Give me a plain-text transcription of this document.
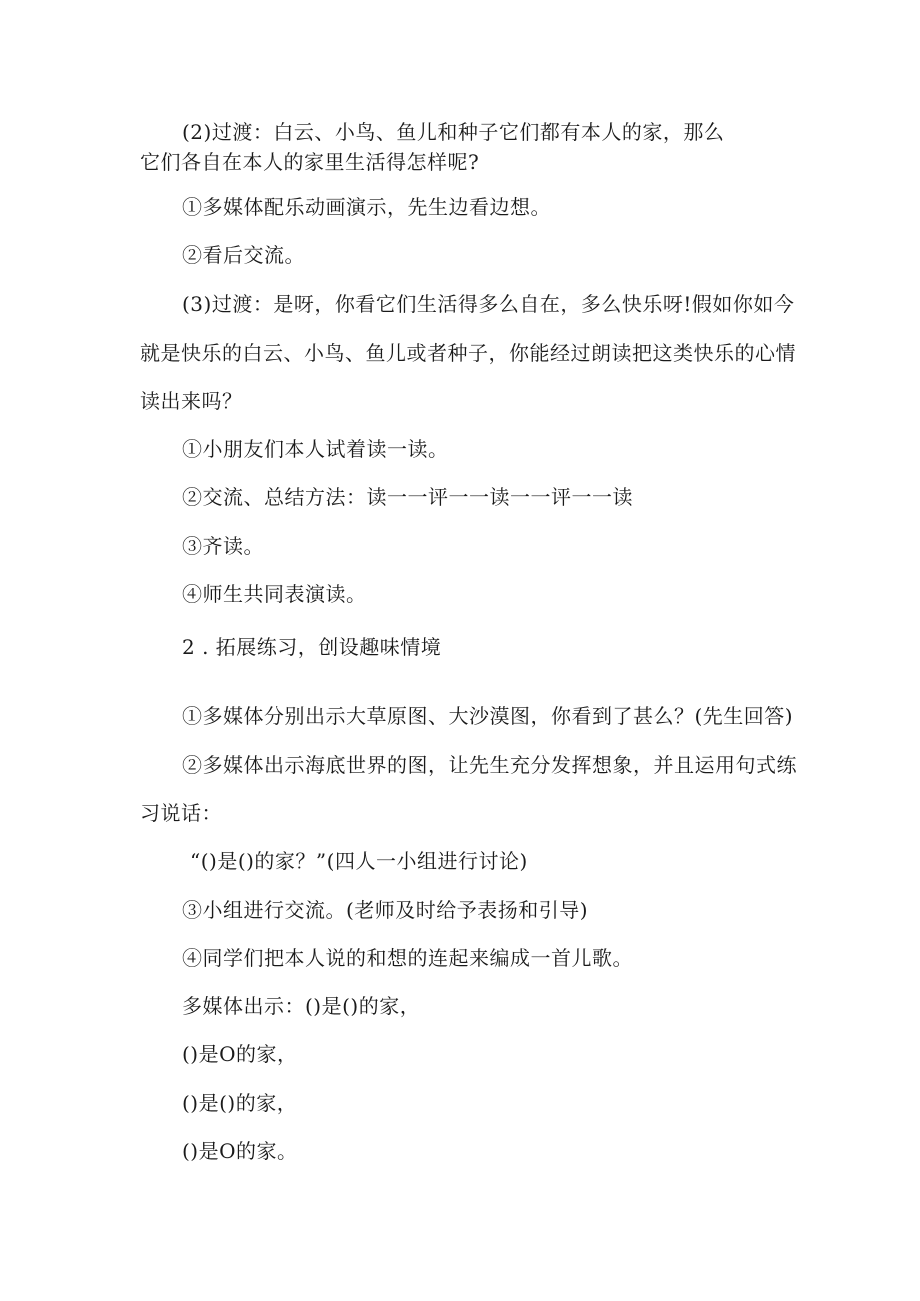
(2)过渡：白云、小鸟、鱼儿和种子它们都有本人的家，那么
它们各自在本人的家里生活得怎样呢?
①多媒体配乐动画演示，先生边看边想。
②看后交流。
(3)过渡：是呀，你看它们生活得多么自在，多么快乐呀!假如你如今
就是快乐的白云、小鸟、鱼儿或者种子，你能经过朗读把这类快乐的心情
读出来吗？
①小朋友们本人试着读一读。
②交流、总结方法：读一一评一一读一一评一一读
③齐读。
④师生共同表演读。
2 . 拓展练习，创设趣味情境
①多媒体分别出示大草原图、大沙漠图，你看到了甚么？(先生回答)
②多媒体出示海底世界的图，让先生充分发挥想象，并且运用句式练
习说话：
“()是()的家？”(四人一小组进行讨论)
③小组进行交流。(老师及时给予表扬和引导)
④同学们把本人说的和想的连起来编成一首儿歌。
多媒体出示：()是()的家，
()是O的家，
()是()的家，
()是O的家。
